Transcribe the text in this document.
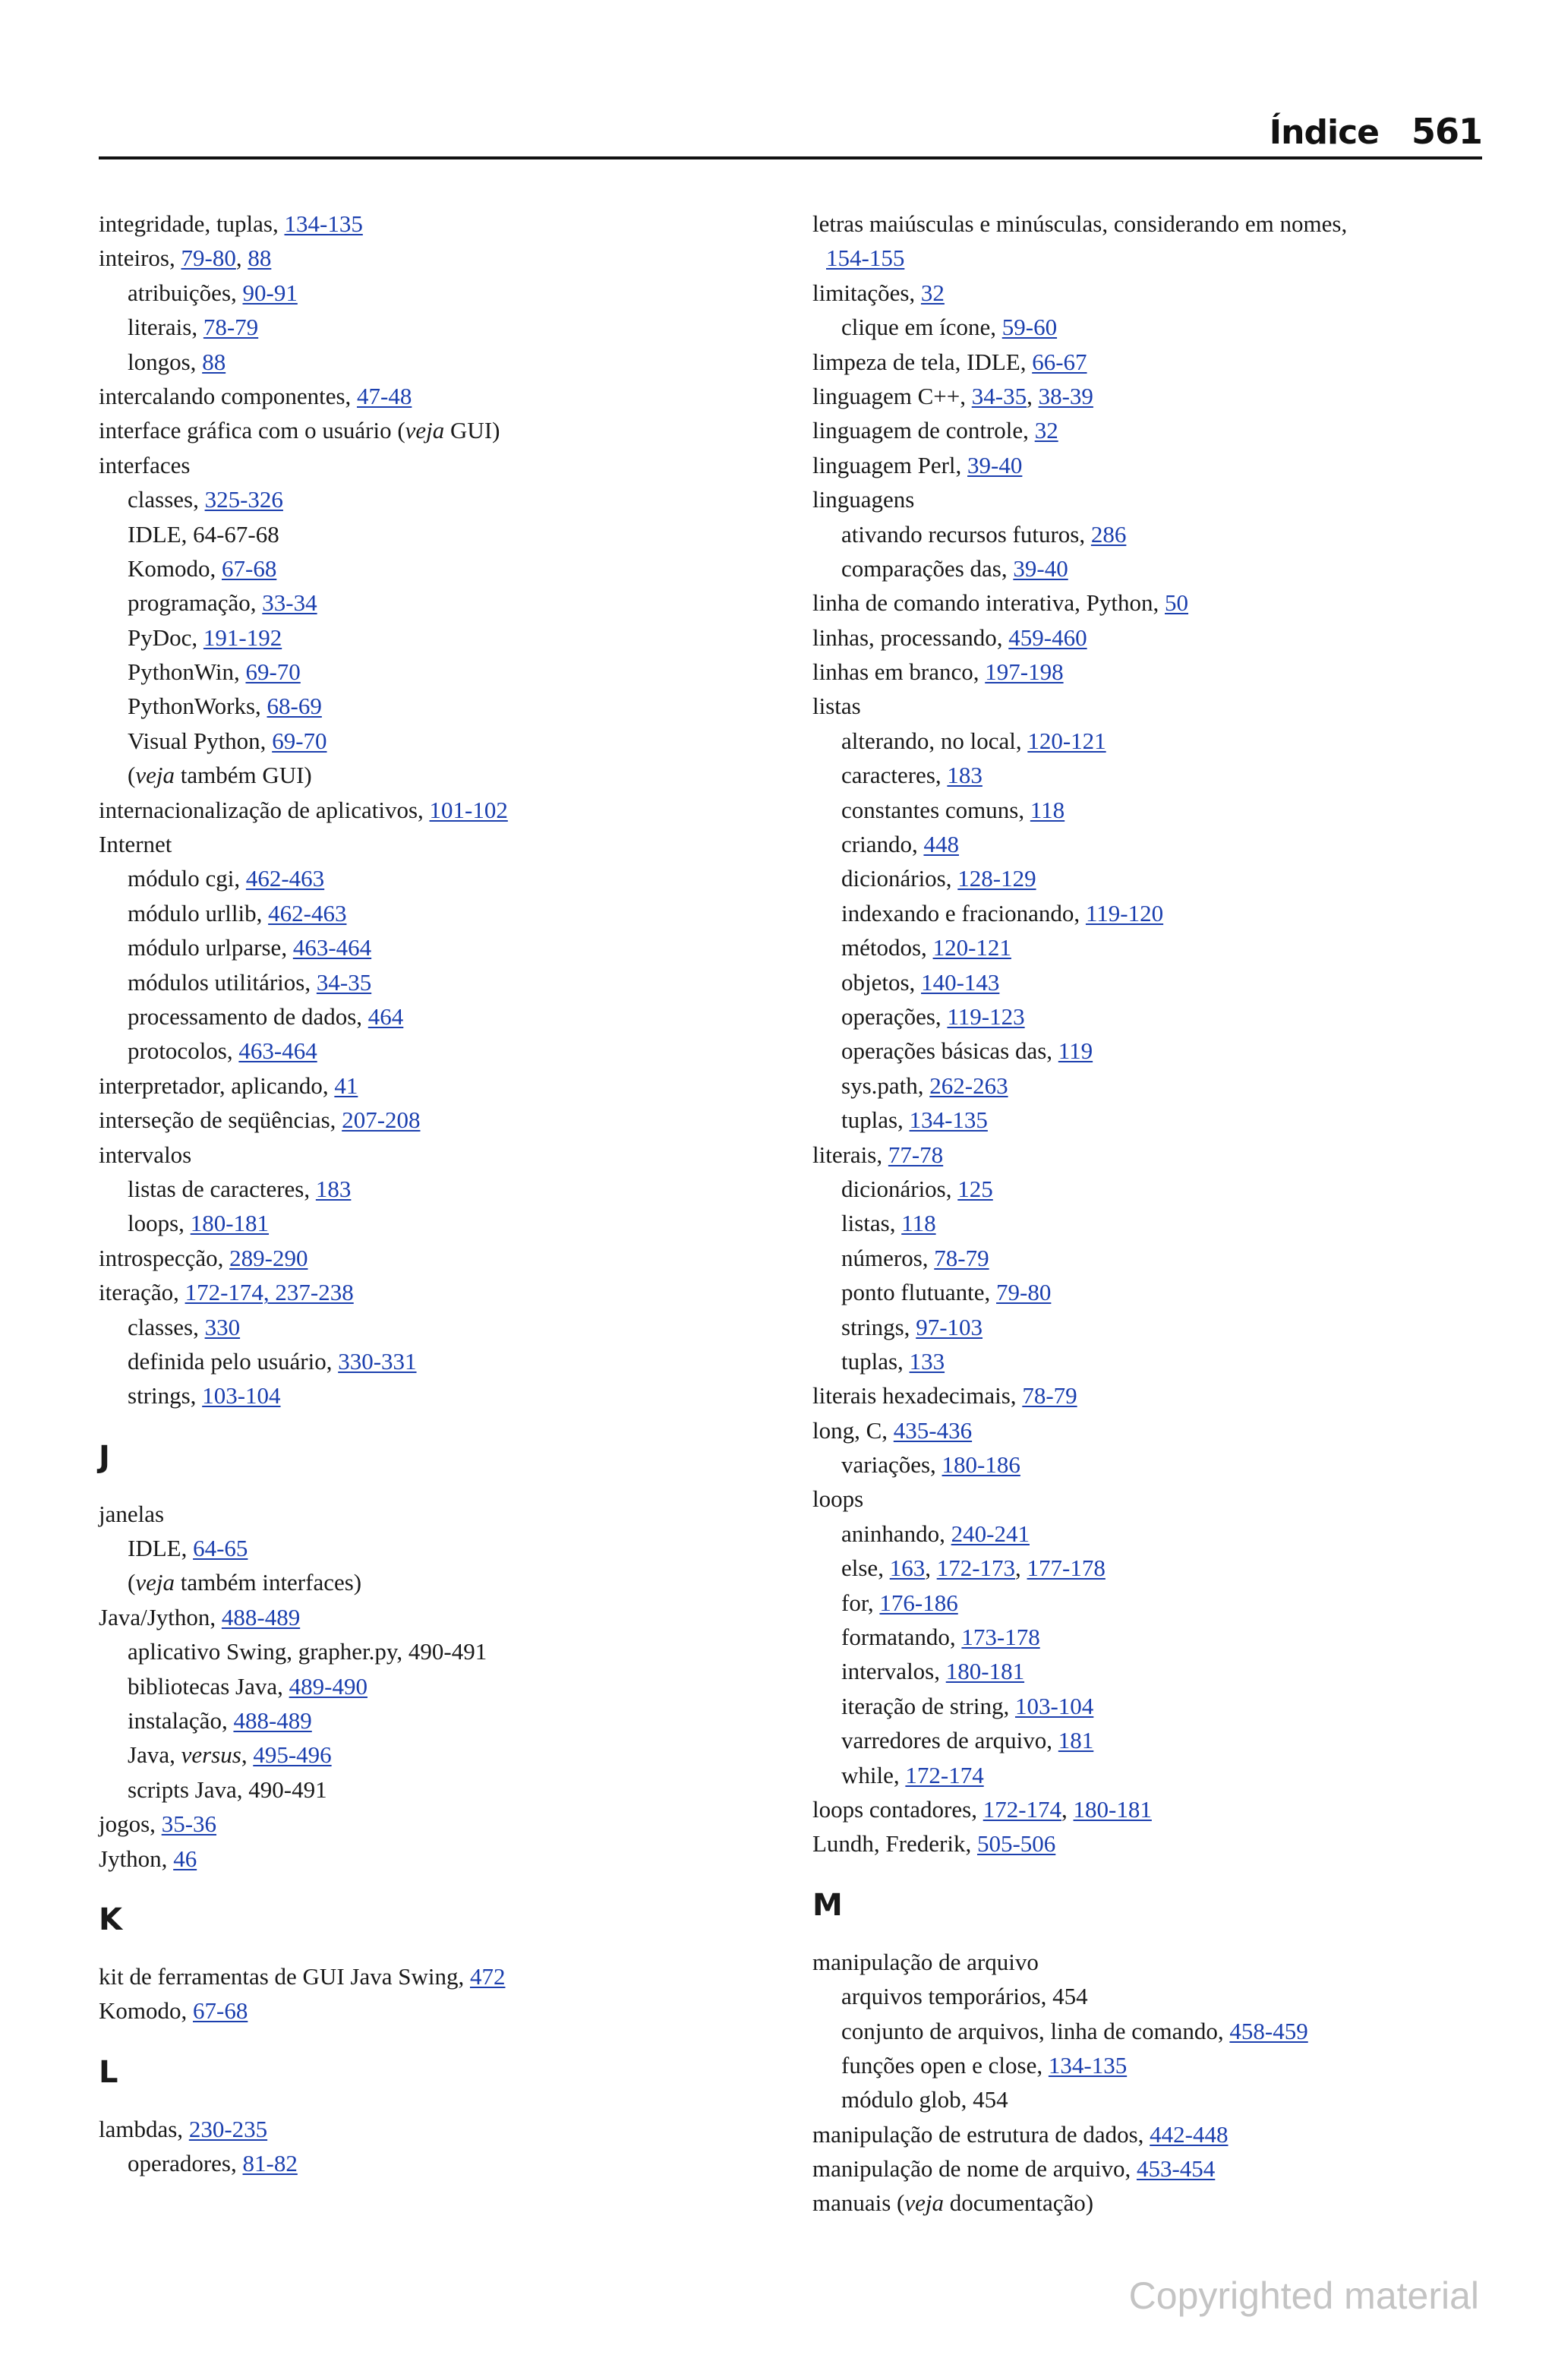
Índice 561
integridade, tuplas, 134-135
inteiros, 79-80, 88
atribuições, 90-91
literais, 78-79
longos, 88
intercalando componentes, 47-48
interface gráfica com o usuário (veja GUI)
interfaces
classes, 325-326
IDLE, 64-67-68
Komodo, 67-68
programação, 33-34
PyDoc, 191-192
PythonWin, 69-70
PythonWorks, 68-69
Visual Python, 69-70
(veja também GUI)
internacionalização de aplicativos, 101-102
Internet
módulo cgi, 462-463
módulo urllib, 462-463
módulo urlparse, 463-464
módulos utilitários, 34-35
processamento de dados, 464
protocolos, 463-464
interpretador, aplicando, 41
interseção de seqüências, 207-208
intervalos
listas de caracteres, 183
loops, 180-181
introspecção, 289-290
iteração, 172-174, 237-238
classes, 330
definida pelo usuário, 330-331
strings, 103-104
J
janelas
IDLE, 64-65
(veja também interfaces)
Java/Jython, 488-489
aplicativo Swing, grapher.py, 490-491
bibliotecas Java, 489-490
instalação, 488-489
Java, versus, 495-496
scripts Java, 490-491
jogos, 35-36
Jython, 46
K
kit de ferramentas de GUI Java Swing, 472
Komodo, 67-68
L
lambdas, 230-235
operadores, 81-82
letras maiúsculas e minúsculas, considerando em nomes,
154-155
limitações, 32
clique em ícone, 59-60
limpeza de tela, IDLE, 66-67
linguagem C++, 34-35, 38-39
linguagem de controle, 32
linguagem Perl, 39-40
linguagens
ativando recursos futuros, 286
comparações das, 39-40
linha de comando interativa, Python, 50
linhas, processando, 459-460
linhas em branco, 197-198
listas
alterando, no local, 120-121
caracteres, 183
constantes comuns, 118
criando, 448
dicionários, 128-129
indexando e fracionando, 119-120
métodos, 120-121
objetos, 140-143
operações, 119-123
operações básicas das, 119
sys.path, 262-263
tuplas, 134-135
literais, 77-78
dicionários, 125
listas, 118
números, 78-79
ponto flutuante, 79-80
strings, 97-103
tuplas, 133
literais hexadecimais, 78-79
long, C, 435-436
variações, 180-186
loops
aninhando, 240-241
else, 163, 172-173, 177-178
for, 176-186
formatando, 173-178
intervalos, 180-181
iteração de string, 103-104
varredores de arquivo, 181
while, 172-174
loops contadores, 172-174, 180-181
Lundh, Frederik, 505-506
M
manipulação de arquivo
arquivos temporários, 454
conjunto de arquivos, linha de comando, 458-459
funções open e close, 134-135
módulo glob, 454
manipulação de estrutura de dados, 442-448
manipulação de nome de arquivo, 453-454
manuais (veja documentação)
Copyrighted material
